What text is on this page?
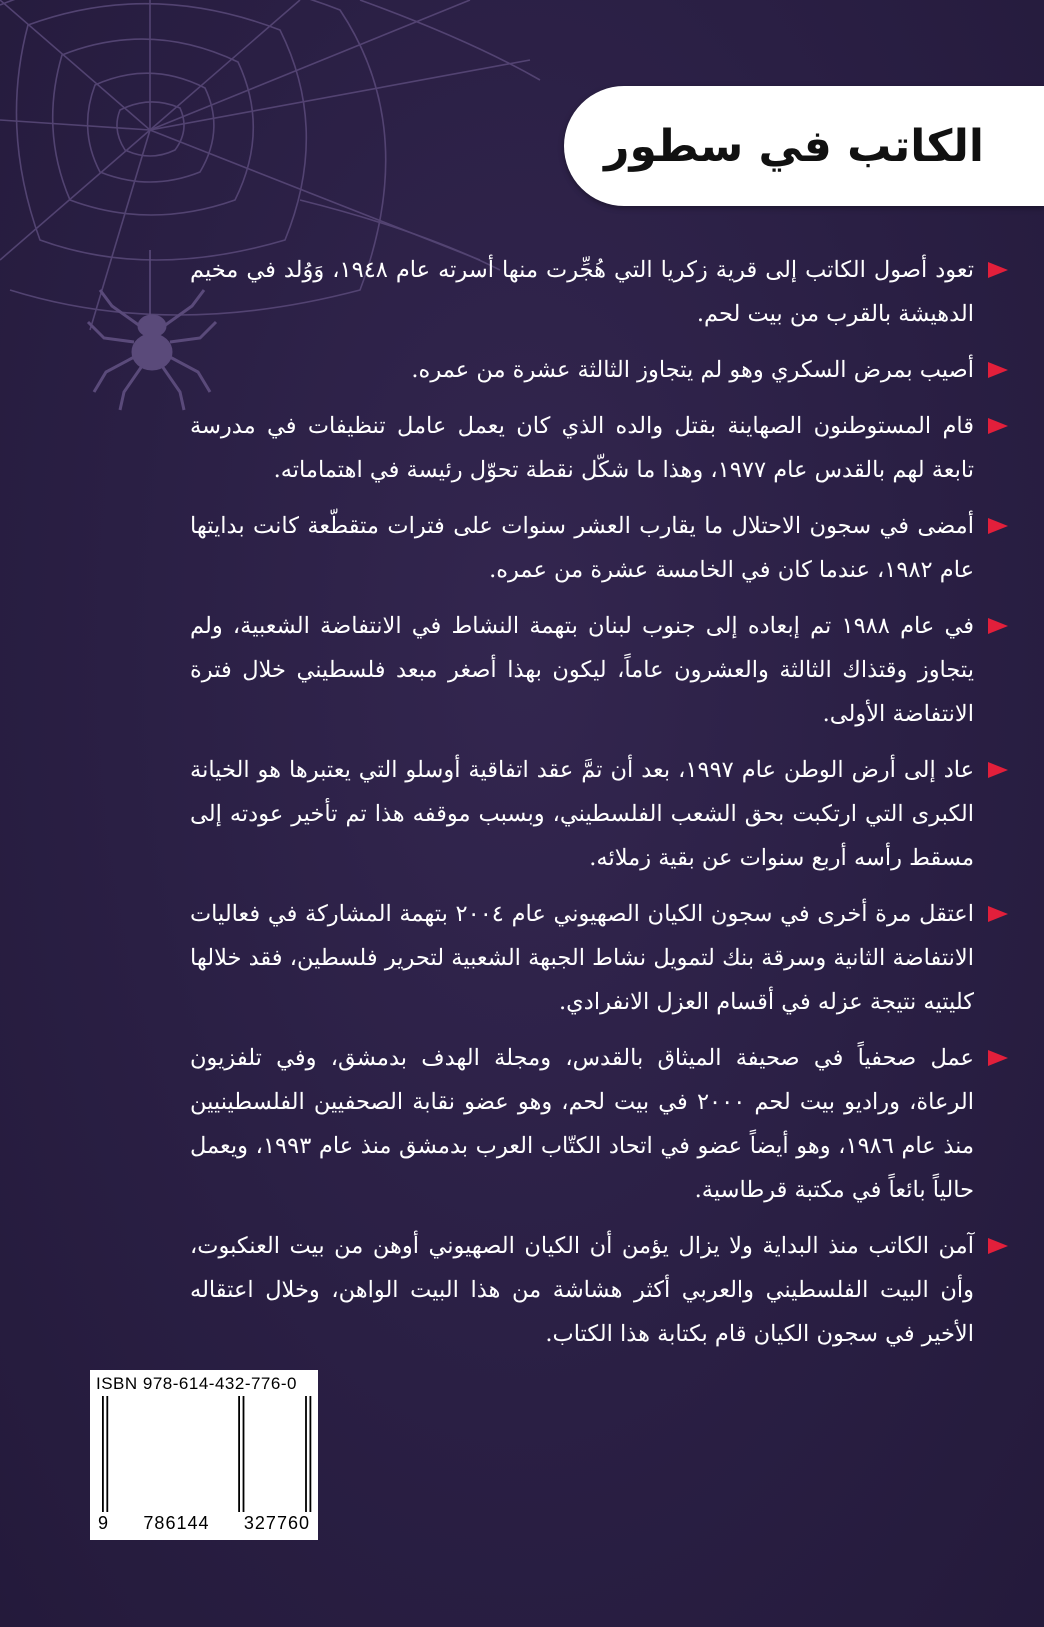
الكاتب في سطور
تعود أصول الكاتب إلى قرية زكريا التي هُجِّرت منها أسرته عام ١٩٤٨، وَوُلد في مخيم الدهيشة بالقرب من بيت لحم.
أصيب بمرض السكري وهو لم يتجاوز الثالثة عشرة من عمره.
قام المستوطنون الصهاينة بقتل والده الذي كان يعمل عامل تنظيفات في مدرسة تابعة لهم بالقدس عام ١٩٧٧، وهذا ما شكّل نقطة تحوّل رئيسة في اهتماماته.
أمضى في سجون الاحتلال ما يقارب العشر سنوات على فترات متقطّعة كانت بدايتها عام ١٩٨٢، عندما كان في الخامسة عشرة من عمره.
في عام ١٩٨٨ تم إبعاده إلى جنوب لبنان بتهمة النشاط في الانتفاضة الشعبية، ولم يتجاوز وقتذاك الثالثة والعشرون عاماً، ليكون بهذا أصغر مبعد فلسطيني خلال فترة الانتفاضة الأولى.
عاد إلى أرض الوطن عام ١٩٩٧، بعد أن تمَّ عقد اتفاقية أوسلو التي يعتبرها هو الخيانة الكبرى التي ارتكبت بحق الشعب الفلسطيني، وبسبب موقفه هذا تم تأخير عودته إلى مسقط رأسه أربع سنوات عن بقية زملائه.
اعتقل مرة أخرى في سجون الكيان الصهيوني عام ٢٠٠٤ بتهمة المشاركة في فعاليات الانتفاضة الثانية وسرقة بنك لتمويل نشاط الجبهة الشعبية لتحرير فلسطين، فقد خلالها كليتيه نتيجة عزله في أقسام العزل الانفرادي.
عمل صحفياً في صحيفة الميثاق بالقدس، ومجلة الهدف بدمشق، وفي تلفزيون الرعاة، وراديو بيت لحم ٢٠٠٠ في بيت لحم، وهو عضو نقابة الصحفيين الفلسطينيين منذ عام ١٩٨٦، وهو أيضاً عضو في اتحاد الكتّاب العرب بدمشق منذ عام ١٩٩٣، ويعمل حالياً بائعاً في مكتبة قرطاسية.
آمن الكاتب منذ البداية ولا يزال يؤمن أن الكيان الصهيوني أوهن من بيت العنكبوت، وأن البيت الفلسطيني والعربي أكثر هشاشة من هذا البيت الواهن، وخلال اعتقاله الأخير في سجون الكيان قام بكتابة هذا الكتاب.
ISBN 978-614-432-776-0
9 786144 327760
